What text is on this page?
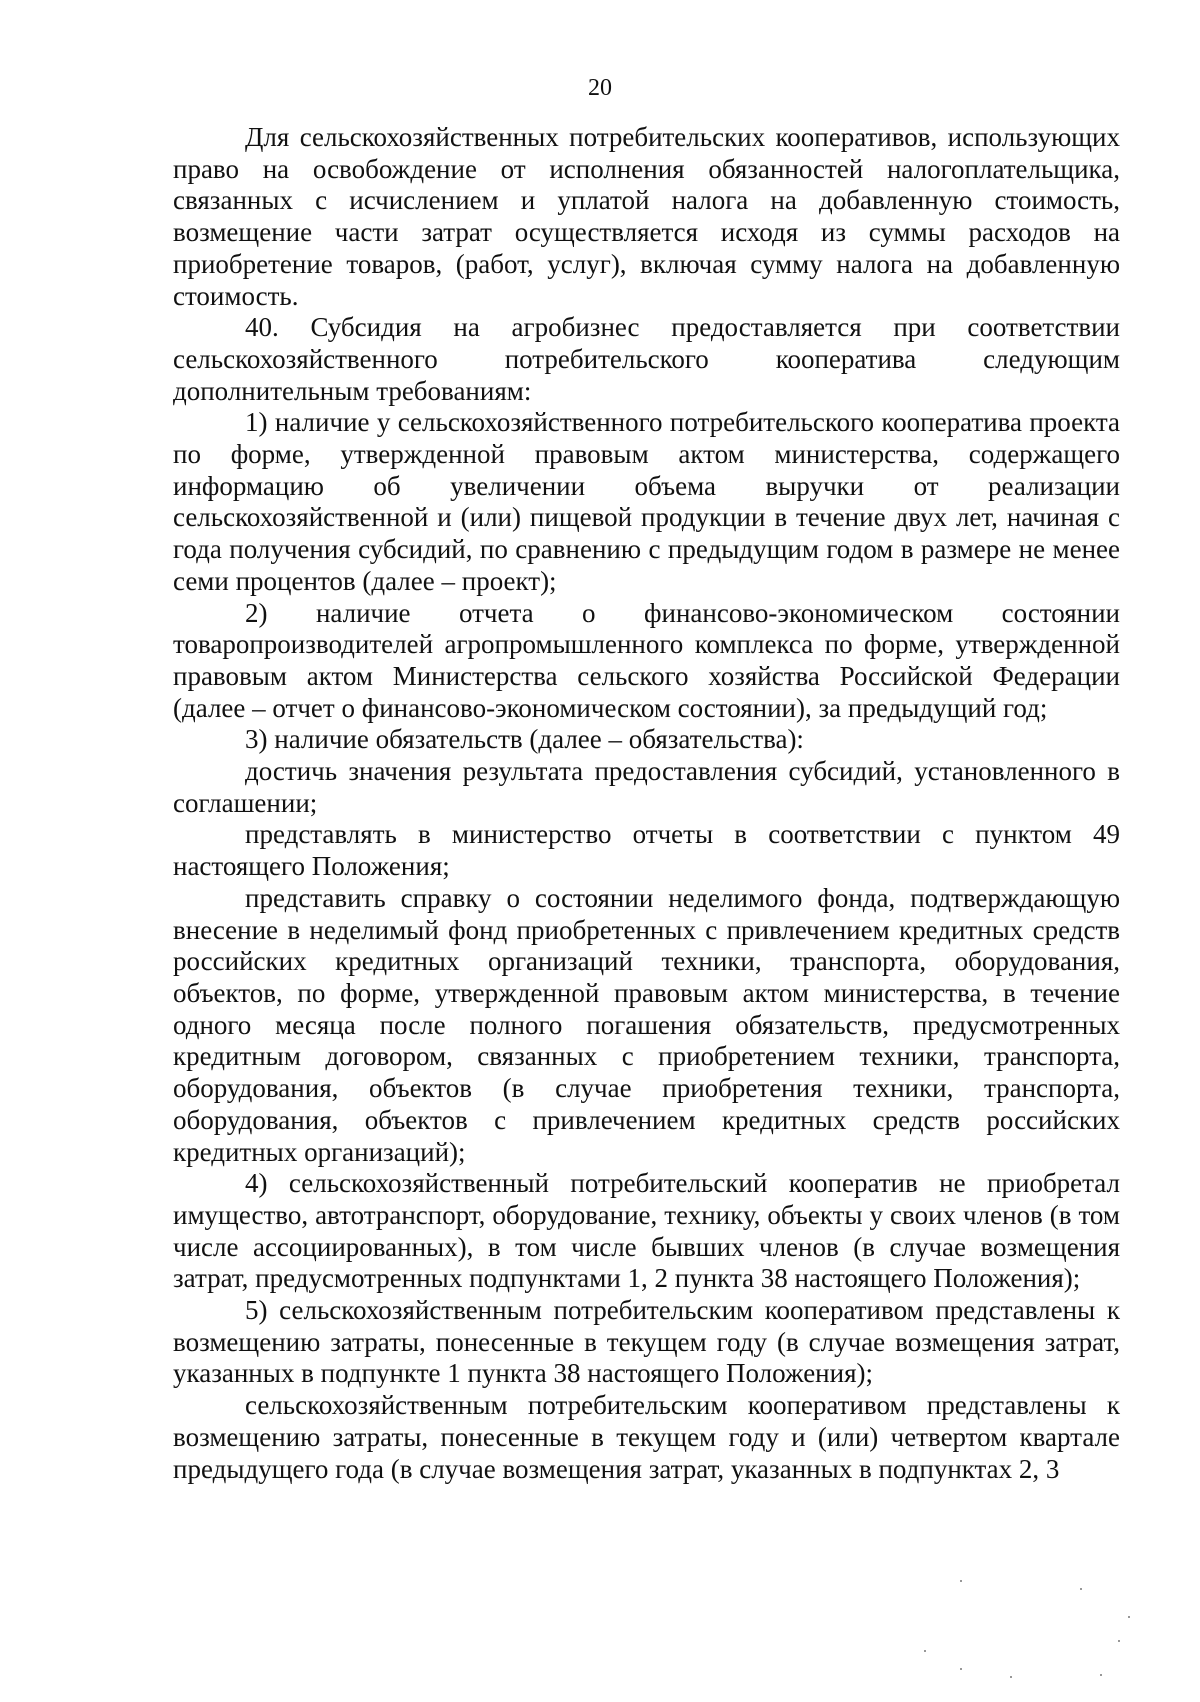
20

Для сельскохозяйственных потребительских кооперативов, использующих право на освобождение от исполнения обязанностей налогоплательщика, связанных с исчислением и уплатой налога на добавленную стоимость, возмещение части затрат осуществляется исходя из суммы расходов на приобретение товаров, (работ, услуг), включая сумму налога на добавленную стоимость.

40. Субсидия на агробизнес предоставляется при соответствии сельскохозяйственного потребительского кооператива следующим дополнительным требованиям:

1) наличие у сельскохозяйственного потребительского кооператива проекта по форме, утвержденной правовым актом министерства, содержащего информацию об увеличении объема выручки от реализации сельскохозяйственной и (или) пищевой продукции в течение двух лет, начиная с года получения субсидий, по сравнению с предыдущим годом в размере не менее семи процентов (далее – проект);

2) наличие отчета о финансово-экономическом состоянии товаропроизводителей агропромышленного комплекса по форме, утвержденной правовым актом Министерства сельского хозяйства Российской Федерации (далее – отчет о финансово-экономическом состоянии), за предыдущий год;

3) наличие обязательств (далее – обязательства):

достичь значения результата предоставления субсидий, установленного в соглашении;

представлять в министерство отчеты в соответствии с пунктом 49 настоящего Положения;

представить справку о состоянии неделимого фонда, подтверждающую внесение в неделимый фонд приобретенных с привлечением кредитных средств российских кредитных организаций техники, транспорта, оборудования, объектов, по форме, утвержденной правовым актом министерства, в течение одного месяца после полного погашения обязательств, предусмотренных кредитным договором, связанных с приобретением техники, транспорта, оборудования, объектов (в случае приобретения техники, транспорта, оборудования, объектов с привлечением кредитных средств российских кредитных организаций);

4) сельскохозяйственный потребительский кооператив не приобретал имущество, автотранспорт, оборудование, технику, объекты у своих членов (в том числе ассоциированных), в том числе бывших членов (в случае возмещения затрат, предусмотренных подпунктами 1, 2 пункта 38 настоящего Положения);

5) сельскохозяйственным потребительским кооперативом представлены к возмещению затраты, понесенные в текущем году (в случае возмещения затрат, указанных в подпункте 1 пункта 38 настоящего Положения);

сельскохозяйственным потребительским кооперативом представлены к возмещению затраты, понесенные в текущем году и (или) четвертом квартале предыдущего года (в случае возмещения затрат, указанных в подпунктах 2, 3
